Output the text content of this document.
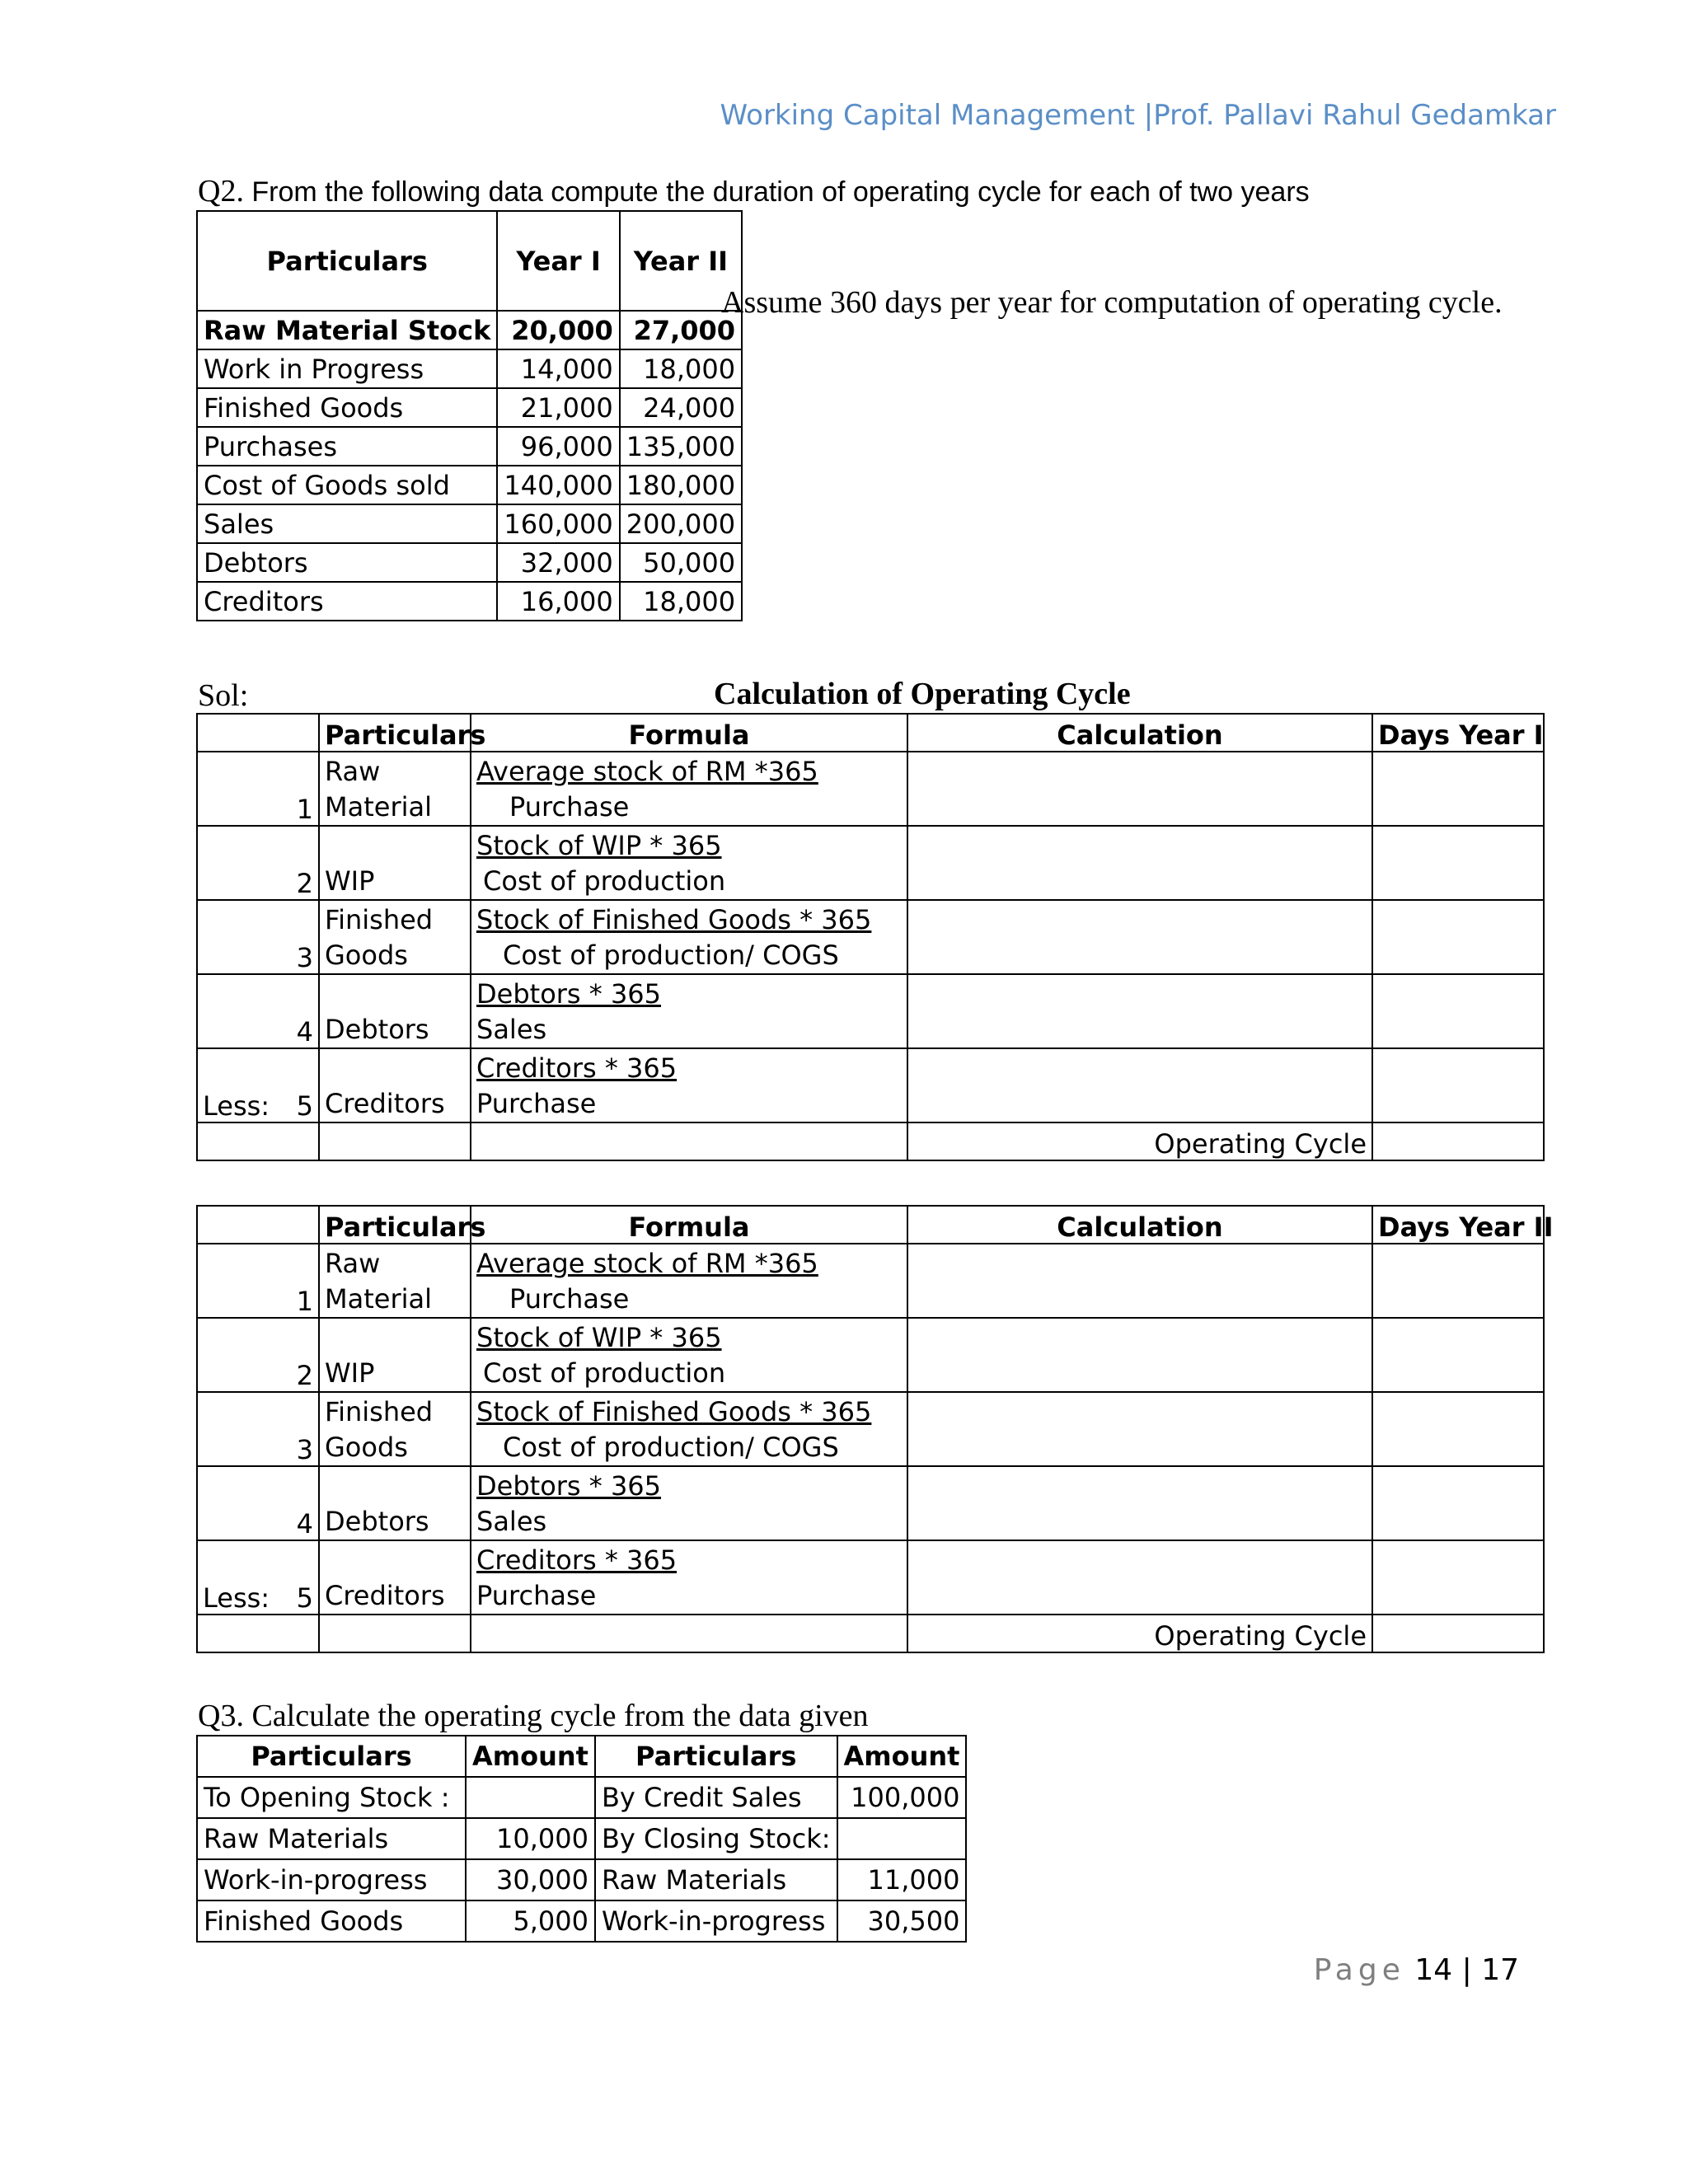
Working Capital Management |Prof. Pallavi Rahul Gedamkar
Q2. From the following data compute the duration of operating cycle for each of two years
Particulars	Year I	Year II
Raw Material Stock	20,000	27,000
Work in Progress	14,000	18,000
Finished Goods	21,000	24,000
Purchases	96,000	135,000
Cost of Goods sold	140,000	180,000
Sales	160,000	200,000
Debtors	32,000	50,000
Creditors	16,000	18,000
Assume 360 days per year for computation of operating cycle.
Sol:	Calculation of Operating Cycle
	Particulars	Formula	Calculation	Days Year I

1	Raw
Material	Average stock of RM *365
Purchase		

2	WIP	Stock of WIP * 365
Cost of production		

3	Finished
Goods	Stock of Finished Goods * 365
Cost of production/ COGS		

4	Debtors	Debtors * 365
Sales		

Less: 5	Creditors	Creditors * 365
Purchase		

			Operating Cycle	
	Particulars	Formula	Calculation	Days Year II

1	Raw
Material	Average stock of RM *365
Purchase		

2	WIP	Stock of WIP * 365
Cost of production		

3	Finished
Goods	Stock of Finished Goods * 365
Cost of production/ COGS		

4	Debtors	Debtors * 365
Sales		

Less: 5	Creditors	Creditors * 365
Purchase		

			Operating Cycle	
Q3. Calculate the operating cycle from the data given
Particulars	Amount	Particulars	Amount
To Opening Stock :		By Credit Sales	100,000
Raw Materials	10,000	By Closing Stock:	
Work-in-progress	30,000	Raw Materials	11,000
Finished Goods	5,000	Work-in-progress	30,500
Page 14 | 17
